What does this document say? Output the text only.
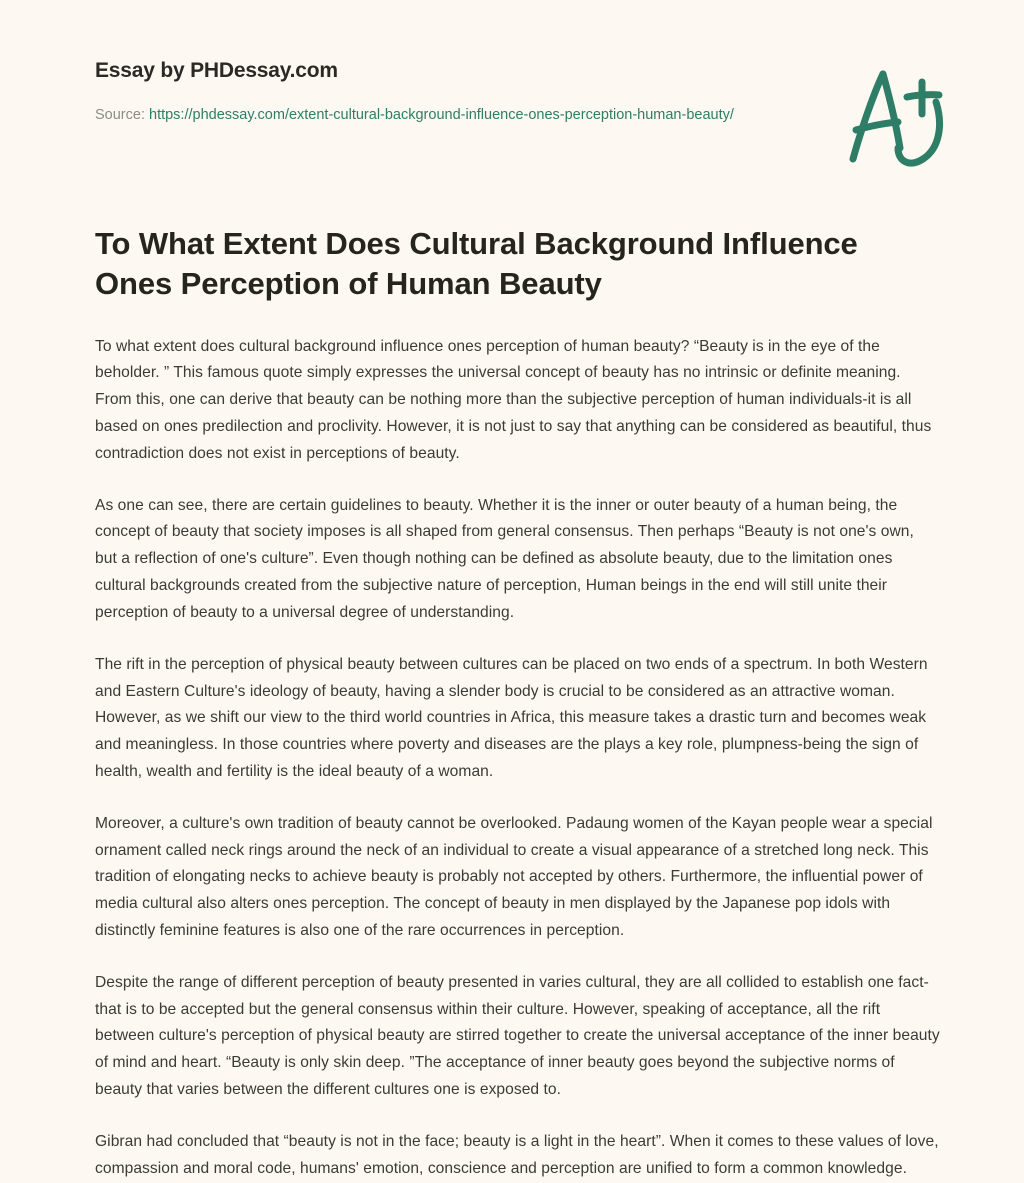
Essay by PHDessay.com
Source: https://phdessay.com/extent-cultural-background-influence-ones-perception-human-beauty/
To What Extent Does Cultural Background Influence Ones Perception of Human Beauty

To what extent does cultural background influence ones perception of human beauty? “Beauty is in the eye of the beholder. ” This famous quote simply expresses the universal concept of beauty has no intrinsic or definite meaning. From this, one can derive that beauty can be nothing more than the subjective perception of human individuals-it is all based on ones predilection and proclivity. However, it is not just to say that anything can be considered as beautiful, thus contradiction does not exist in perceptions of beauty.

As one can see, there are certain guidelines to beauty. Whether it is the inner or outer beauty of a human being, the concept of beauty that society imposes is all shaped from general consensus. Then perhaps “Beauty is not one's own, but a reflection of one's culture”. Even though nothing can be defined as absolute beauty, due to the limitation ones cultural backgrounds created from the subjective nature of perception, Human beings in the end will still unite their perception of beauty to a universal degree of understanding.

The rift in the perception of physical beauty between cultures can be placed on two ends of a spectrum. In both Western and Eastern Culture's ideology of beauty, having a slender body is crucial to be considered as an attractive woman. However, as we shift our view to the third world countries in Africa, this measure takes a drastic turn and becomes weak and meaningless. In those countries where poverty and diseases are the plays a key role, plumpness-being the sign of health, wealth and fertility is the ideal beauty of a woman.

Moreover, a culture's own tradition of beauty cannot be overlooked. Padaung women of the Kayan people wear a special ornament called neck rings around the neck of an individual to create a visual appearance of a stretched long neck. This tradition of elongating necks to achieve beauty is probably not accepted by others. Furthermore, the influential power of media cultural also alters ones perception. The concept of beauty in men displayed by the Japanese pop idols with distinctly feminine features is also one of the rare occurrences in perception.

Despite the range of different perception of beauty presented in varies cultural, they are all collided to establish one fact-that is to be accepted but the general consensus within their culture. However, speaking of acceptance, all the rift between culture's perception of physical beauty are stirred together to create the universal acceptance of the inner beauty of mind and heart. “Beauty is only skin deep. ”The acceptance of inner beauty goes beyond the subjective norms of beauty that varies between the different cultures one is exposed to.

Gibran had concluded that “beauty is not in the face; beauty is a light in the heart”. When it comes to these values of love, compassion and moral code, humans' emotion, conscience and perception are unified to form a common knowledge.
